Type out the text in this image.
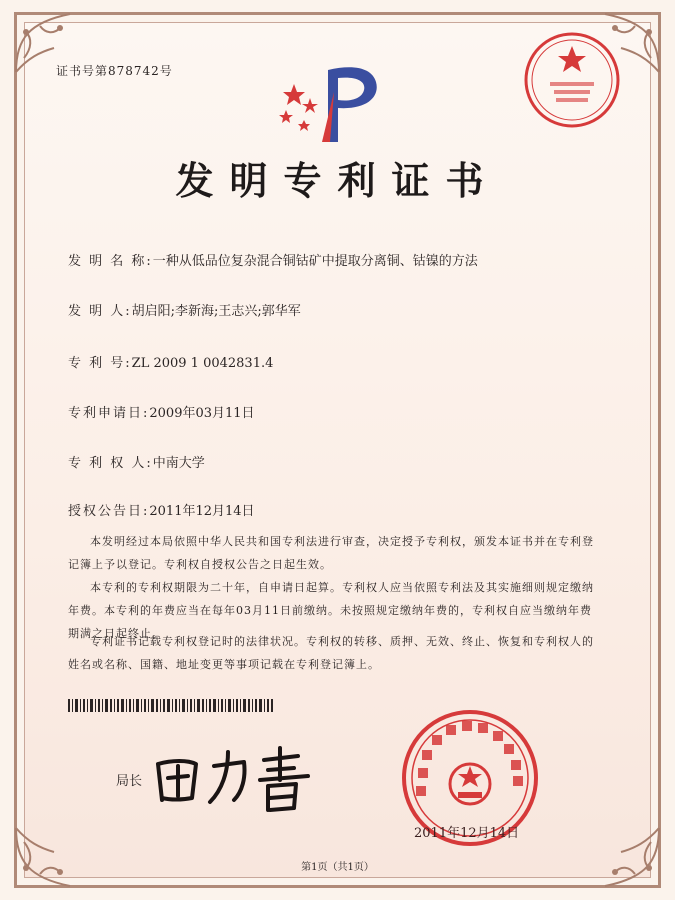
证书号第878742号
发明专利证书
发 明 名 称:一种从低品位复杂混合铜钴矿中提取分离铜、钴镍的方法
发 明 人:胡启阳;李新海;王志兴;郭华军
专 利 号:ZL 2009 1 0042831.4
专利申请日:2009年03月11日
专 利 权 人:中南大学
授权公告日:2011年12月14日
本发明经过本局依照中华人民共和国专利法进行审查，决定授予专利权，颁发本证书并在专利登记簿上予以登记。专利权自授权公告之日起生效。
本专利的专利权期限为二十年，自申请日起算。专利权人应当依照专利法及其实施细则规定缴纳年费。本专利的年费应当在每年03月11日前缴纳。未按照规定缴纳年费的，专利权自应当缴纳年费期满之日起终止。
专利证书记载专利权登记时的法律状况。专利权的转移、质押、无效、终止、恢复和专利权人的姓名或名称、国籍、地址变更等事项记载在专利登记簿上。
局长
2011年12月14日
第1页（共1页）
